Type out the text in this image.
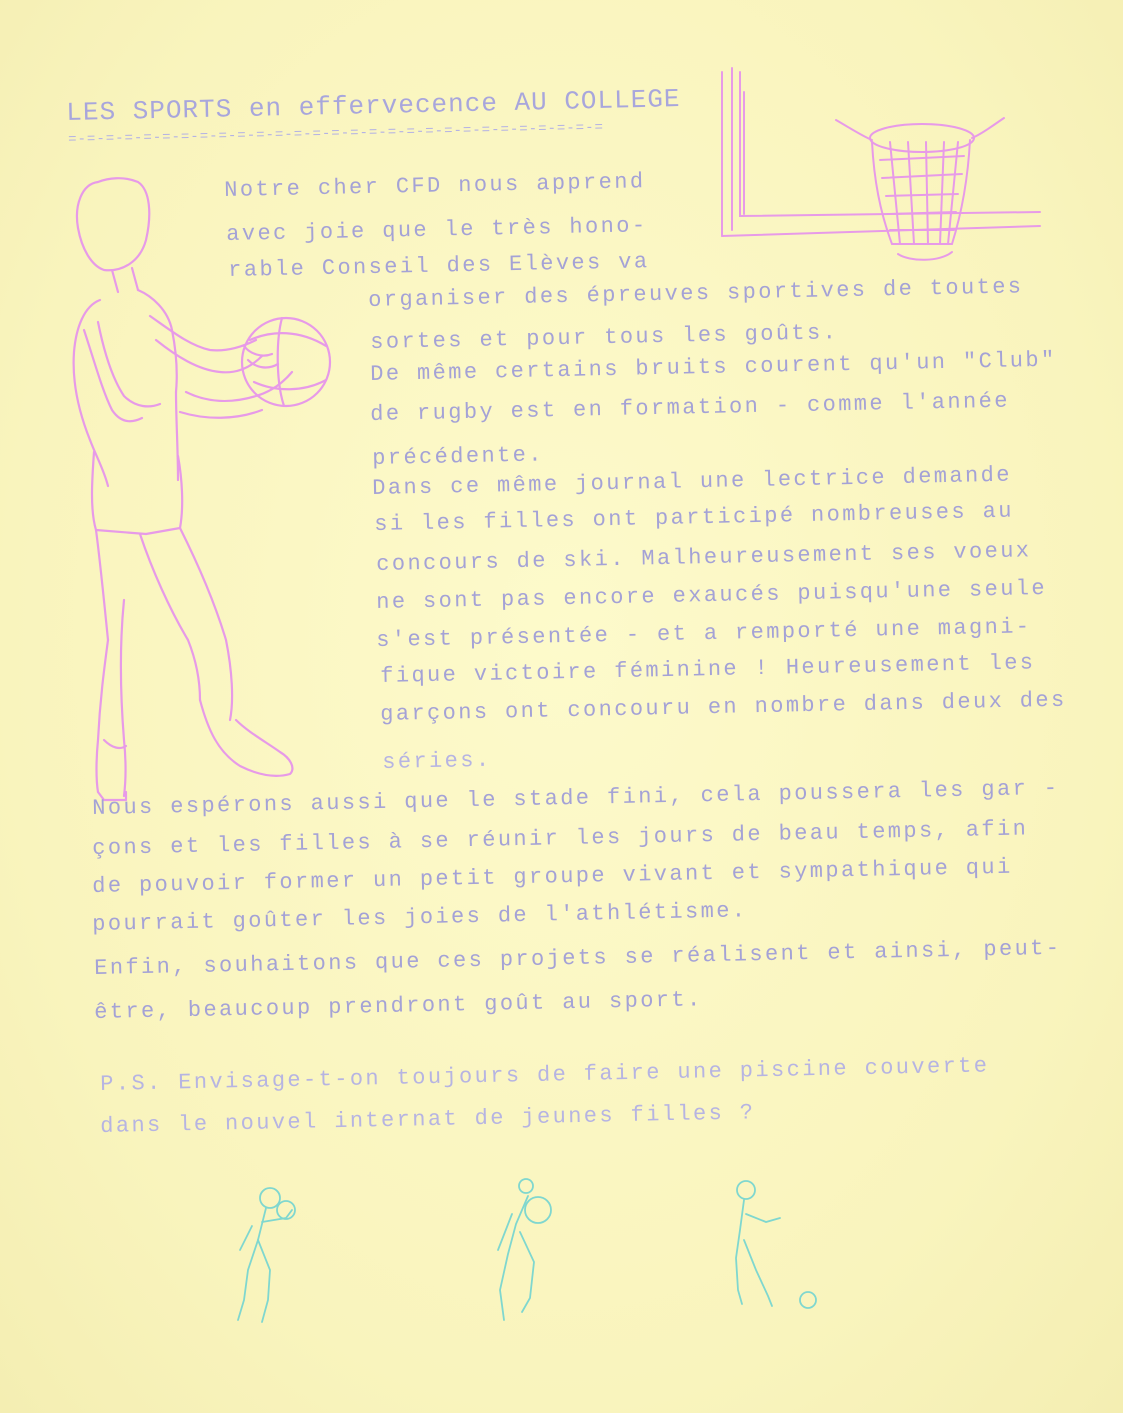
LES SPORTS en effervecence AU COLLEGE
=-=-=-=-=-=-=-=-=-=-=-=-=-=-=-=-=-=-=-=-=-=-=-=-=-=-=-=-=
Notre cher CFD nous apprend
avec joie que le très hono-
rable Conseil des Elèves va
organiser des épreuves sportives de toutes
sortes et pour tous les goûts.
De même certains bruits courent qu'un "Club"
de rugby est en formation - comme l'année
précédente.
Dans ce même journal une lectrice demande
si les filles ont participé nombreuses au
concours de ski. Malheureusement ses voeux
ne sont pas encore exaucés puisqu'une seule
s'est présentée - et a remporté une magni-
fique victoire féminine ! Heureusement les
garçons ont concouru en nombre dans deux des
séries.
Nous espérons aussi que le stade fini, cela poussera les gar -
çons et les filles à se réunir les jours de beau temps, afin
de pouvoir former un petit groupe vivant et sympathique qui
pourrait goûter les joies de l'athlétisme.
Enfin, souhaitons que ces projets se réalisent et ainsi, peut-
être, beaucoup prendront goût au sport.
P.S. Envisage-t-on toujours de faire une piscine couverte
dans le nouvel internat de jeunes filles ?
